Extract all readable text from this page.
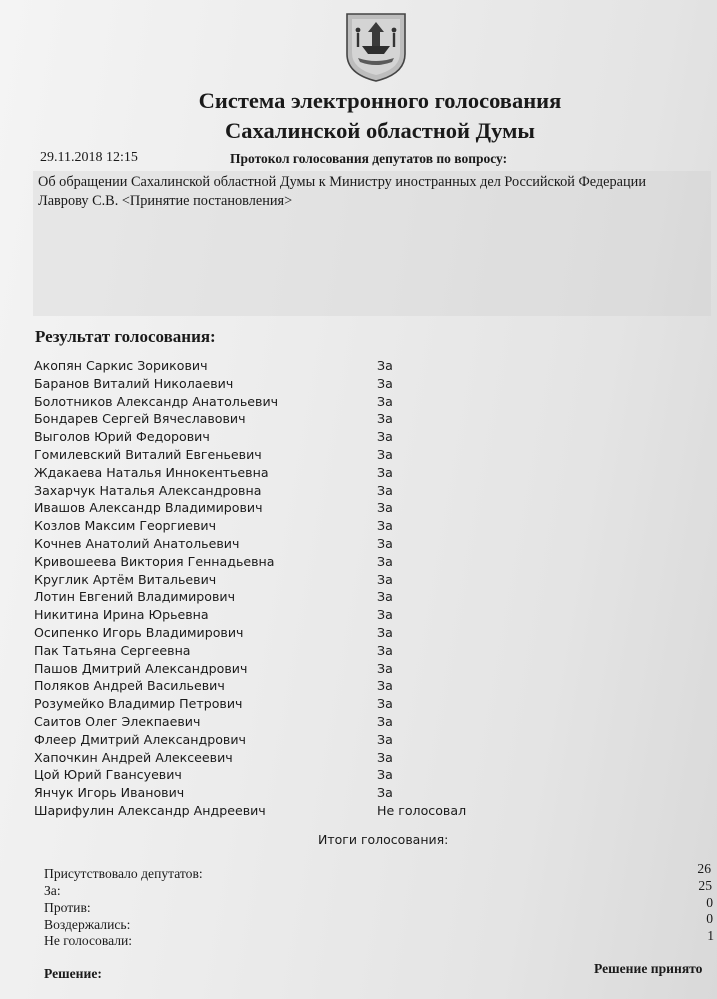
Система электронного голосования
Сахалинской областной Думы
29.11.2018 12:15	Протокол голосования депутатов по вопросу:
Об обращении Сахалинской областной Думы к Министру иностранных дел Российской Федерации Лаврову С.В. <Принятие постановления>
Результат голосования:
Акопян Саркис Зорикович	За
Баранов Виталий Николаевич	За
Болотников Александр Анатольевич	За
Бондарев Сергей Вячеславович	За
Выголов Юрий Федорович	За
Гомилевский Виталий Евгеньевич	За
Ждакаева Наталья Иннокентьевна	За
Захарчук Наталья Александровна	За
Ивашов Александр Владимирович	За
Козлов Максим Георгиевич	За
Кочнев Анатолий Анатольевич	За
Кривошеева Виктория Геннадьевна	За
Круглик Артём Витальевич	За
Лотин Евгений Владимирович	За
Никитина Ирина Юрьевна	За
Осипенко Игорь Владимирович	За
Пак Татьяна Сергеевна	За
Пашов Дмитрий Александрович	За
Поляков Андрей Васильевич	За
Розумейко Владимир Петрович	За
Саитов Олег Элекпаевич	За
Флеер Дмитрий Александрович	За
Хапочкин Андрей Алексеевич	За
Цой Юрий Гвансуевич	За
Янчук Игорь Иванович	За
Шарифулин Александр Андреевич	Не голосовал
Итоги голосования:
Присутствовало депутатов:	26
За:	25
Против:	0
Воздержались:	0
Не голосовали:	1
Решение:	Решение принято
